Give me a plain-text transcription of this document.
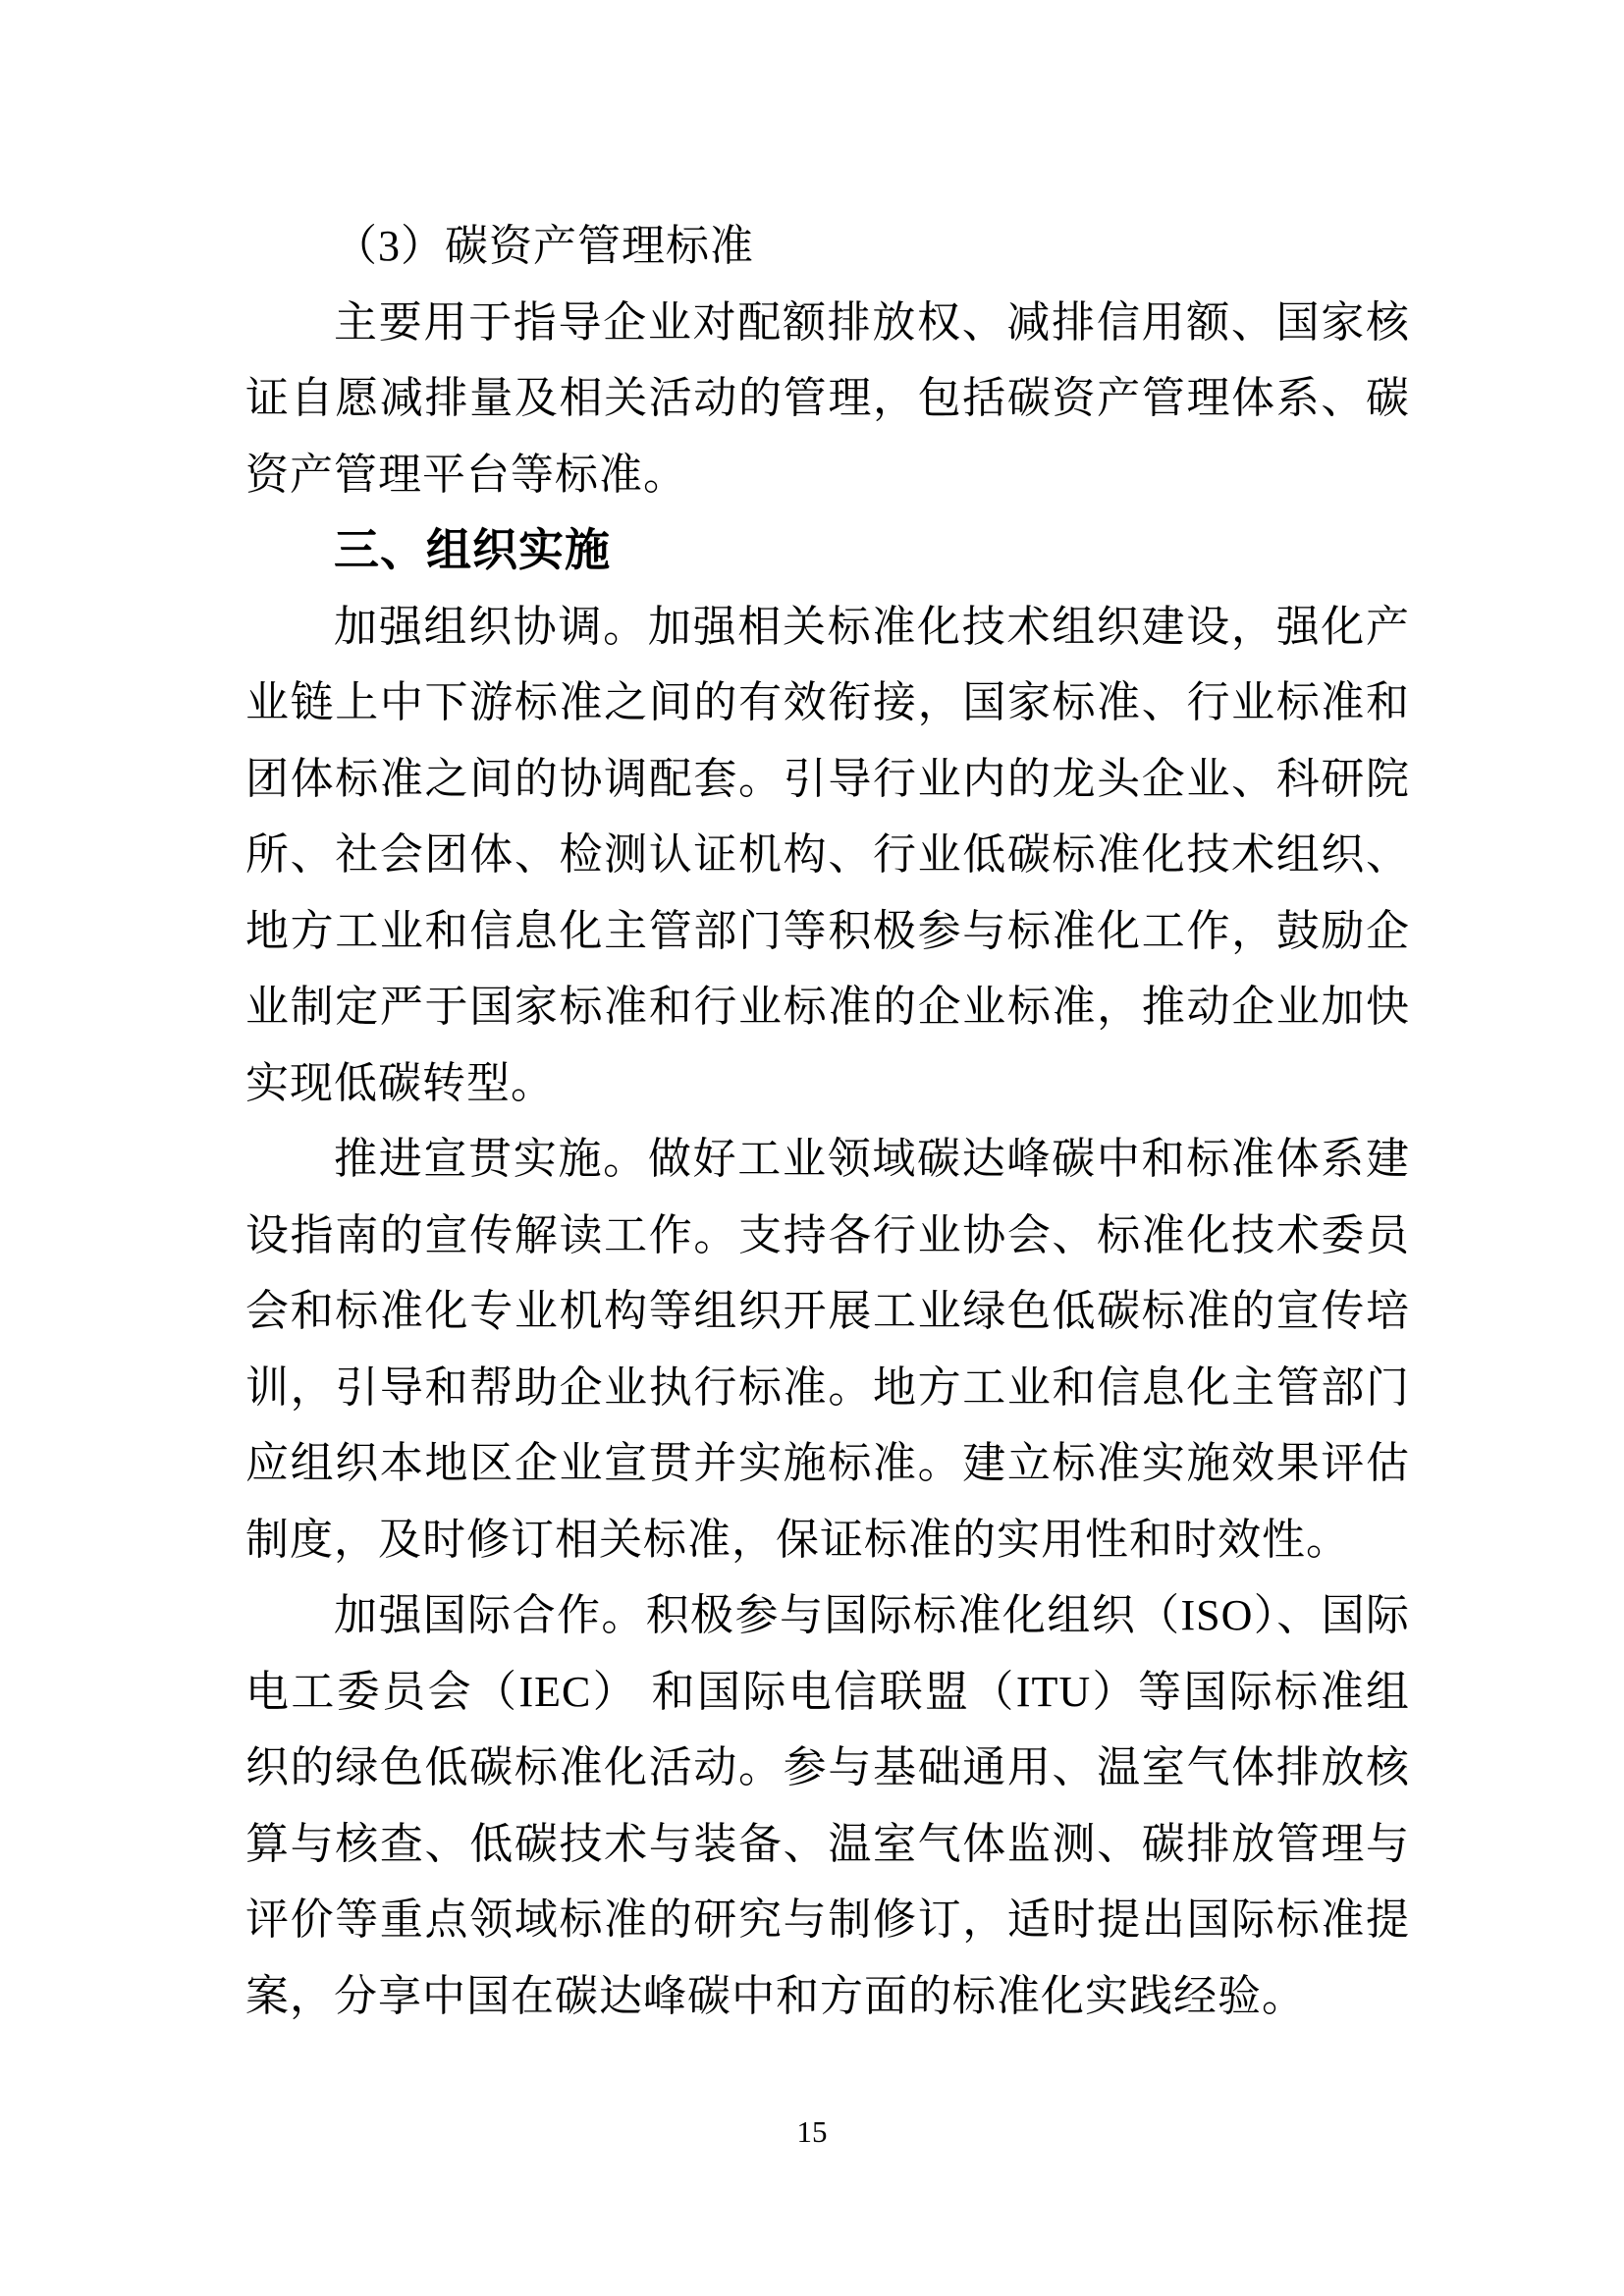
（3）碳资产管理标准

主要用于指导企业对配额排放权、减排信用额、国家核证自愿减排量及相关活动的管理，包括碳资产管理体系、碳资产管理平台等标准。

三、组织实施

加强组织协调。加强相关标准化技术组织建设，强化产业链上中下游标准之间的有效衔接，国家标准、行业标准和团体标准之间的协调配套。引导行业内的龙头企业、科研院所、社会团体、检测认证机构、行业低碳标准化技术组织、地方工业和信息化主管部门等积极参与标准化工作，鼓励企业制定严于国家标准和行业标准的企业标准，推动企业加快实现低碳转型。

推进宣贯实施。做好工业领域碳达峰碳中和标准体系建设指南的宣传解读工作。支持各行业协会、标准化技术委员会和标准化专业机构等组织开展工业绿色低碳标准的宣传培训，引导和帮助企业执行标准。地方工业和信息化主管部门应组织本地区企业宣贯并实施标准。建立标准实施效果评估制度，及时修订相关标准，保证标准的实用性和时效性。

加强国际合作。积极参与国际标准化组织（ISO）、国际电工委员会（IEC） 和国际电信联盟（ITU）等国际标准组织的绿色低碳标准化活动。参与基础通用、温室气体排放核算与核查、低碳技术与装备、温室气体监测、碳排放管理与评价等重点领域标准的研究与制修订，适时提出国际标准提案，分享中国在碳达峰碳中和方面的标准化实践经验。

15
